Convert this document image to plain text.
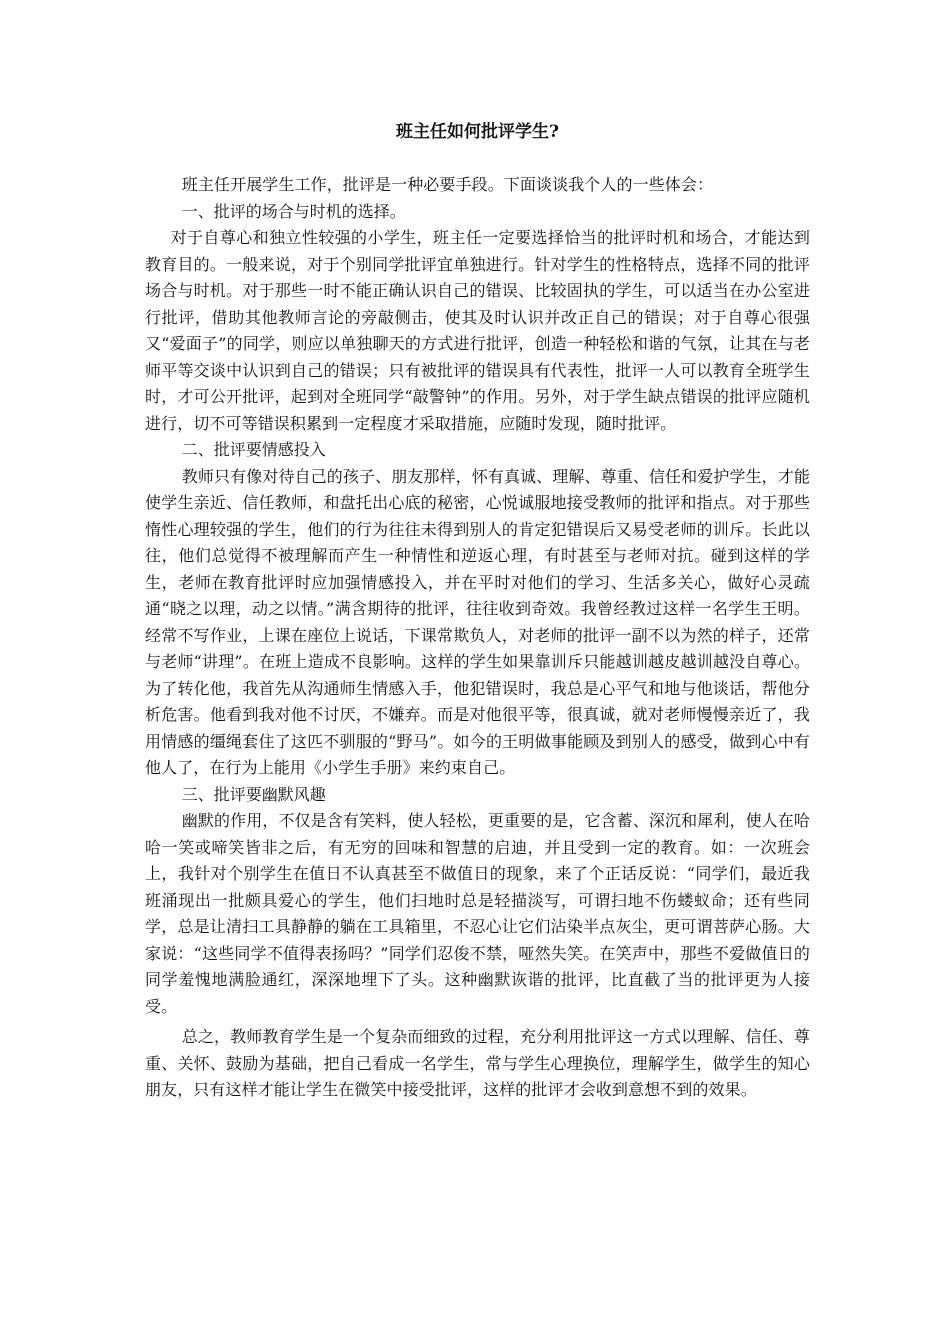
班主任如何批评学生?

班主任开展学生工作，批评是一种必要手段。下面谈谈我个人的一些体会：

一、批评的场合与时机的选择。

对于自尊心和独立性较强的小学生，班主任一定要选择恰当的批评时机和场合，才能达到教育目的。一般来说，对于个别同学批评宜单独进行。针对学生的性格特点，选择不同的批评场合与时机。对于那些一时不能正确认识自己的错误、比较固执的学生，可以适当在办公室进行批评，借助其他教师言论的旁敲侧击，使其及时认识并改正自己的错误；对于自尊心很强又“爱面子”的同学，则应以单独聊天的方式进行批评，创造一种轻松和谐的气氛，让其在与老师平等交谈中认识到自己的错误；只有被批评的错误具有代表性，批评一人可以教育全班学生时，才可公开批评，起到对全班同学“敲警钟”的作用。另外，对于学生缺点错误的批评应随机进行，切不可等错误积累到一定程度才采取措施，应随时发现，随时批评。

二、批评要情感投入

教师只有像对待自己的孩子、朋友那样，怀有真诚、理解、尊重、信任和爱护学生，才能使学生亲近、信任教师，和盘托出心底的秘密，心悦诚服地接受教师的批评和指点。对于那些惰性心理较强的学生，他们的行为往往未得到别人的肯定犯错误后又易受老师的训斥。长此以往，他们总觉得不被理解而产生一种情性和逆返心理，有时甚至与老师对抗。碰到这样的学生，老师在教育批评时应加强情感投入，并在平时对他们的学习、生活多关心，做好心灵疏通“晓之以理，动之以情。”满含期待的批评，往往收到奇效。我曾经教过这样一名学生王明。经常不写作业，上课在座位上说话，下课常欺负人，对老师的批评一副不以为然的样子，还常与老师“讲理”。在班上造成不良影响。这样的学生如果靠训斥只能越训越皮越训越没自尊心。为了转化他，我首先从沟通师生情感入手，他犯错误时，我总是心平气和地与他谈话，帮他分析危害。他看到我对他不讨厌，不嫌弃。而是对他很平等，很真诚，就对老师慢慢亲近了，我用情感的缰绳套住了这匹不驯服的“野马”。如今的王明做事能顾及到别人的感受，做到心中有他人了，在行为上能用《小学生手册》来约束自己。

三、批评要幽默风趣

幽默的作用，不仅是含有笑料，使人轻松，更重要的是，它含蓄、深沉和犀利，使人在哈哈一笑或啼笑皆非之后，有无穷的回味和智慧的启迪，并且受到一定的教育。如：一次班会上，我针对个别学生在值日不认真甚至不做值日的现象，来了个正话反说：“同学们，最近我班涌现出一批颇具爱心的学生，他们扫地时总是轻描淡写，可谓扫地不伤蝼蚁命；还有些同学，总是让清扫工具静静的躺在工具箱里，不忍心让它们沾染半点灰尘，更可谓菩萨心肠。大家说：“这些同学不值得表扬吗？”同学们忍俊不禁，哑然失笑。在笑声中，那些不爱做值日的同学羞愧地满脸通红，深深地埋下了头。这种幽默诙谐的批评，比直截了当的批评更为人接受。

总之，教师教育学生是一个复杂而细致的过程，充分利用批评这一方式以理解、信任、尊重、关怀、鼓励为基础，把自己看成一名学生，常与学生心理换位，理解学生，做学生的知心朋友，只有这样才能让学生在微笑中接受批评，这样的批评才会收到意想不到的效果。
